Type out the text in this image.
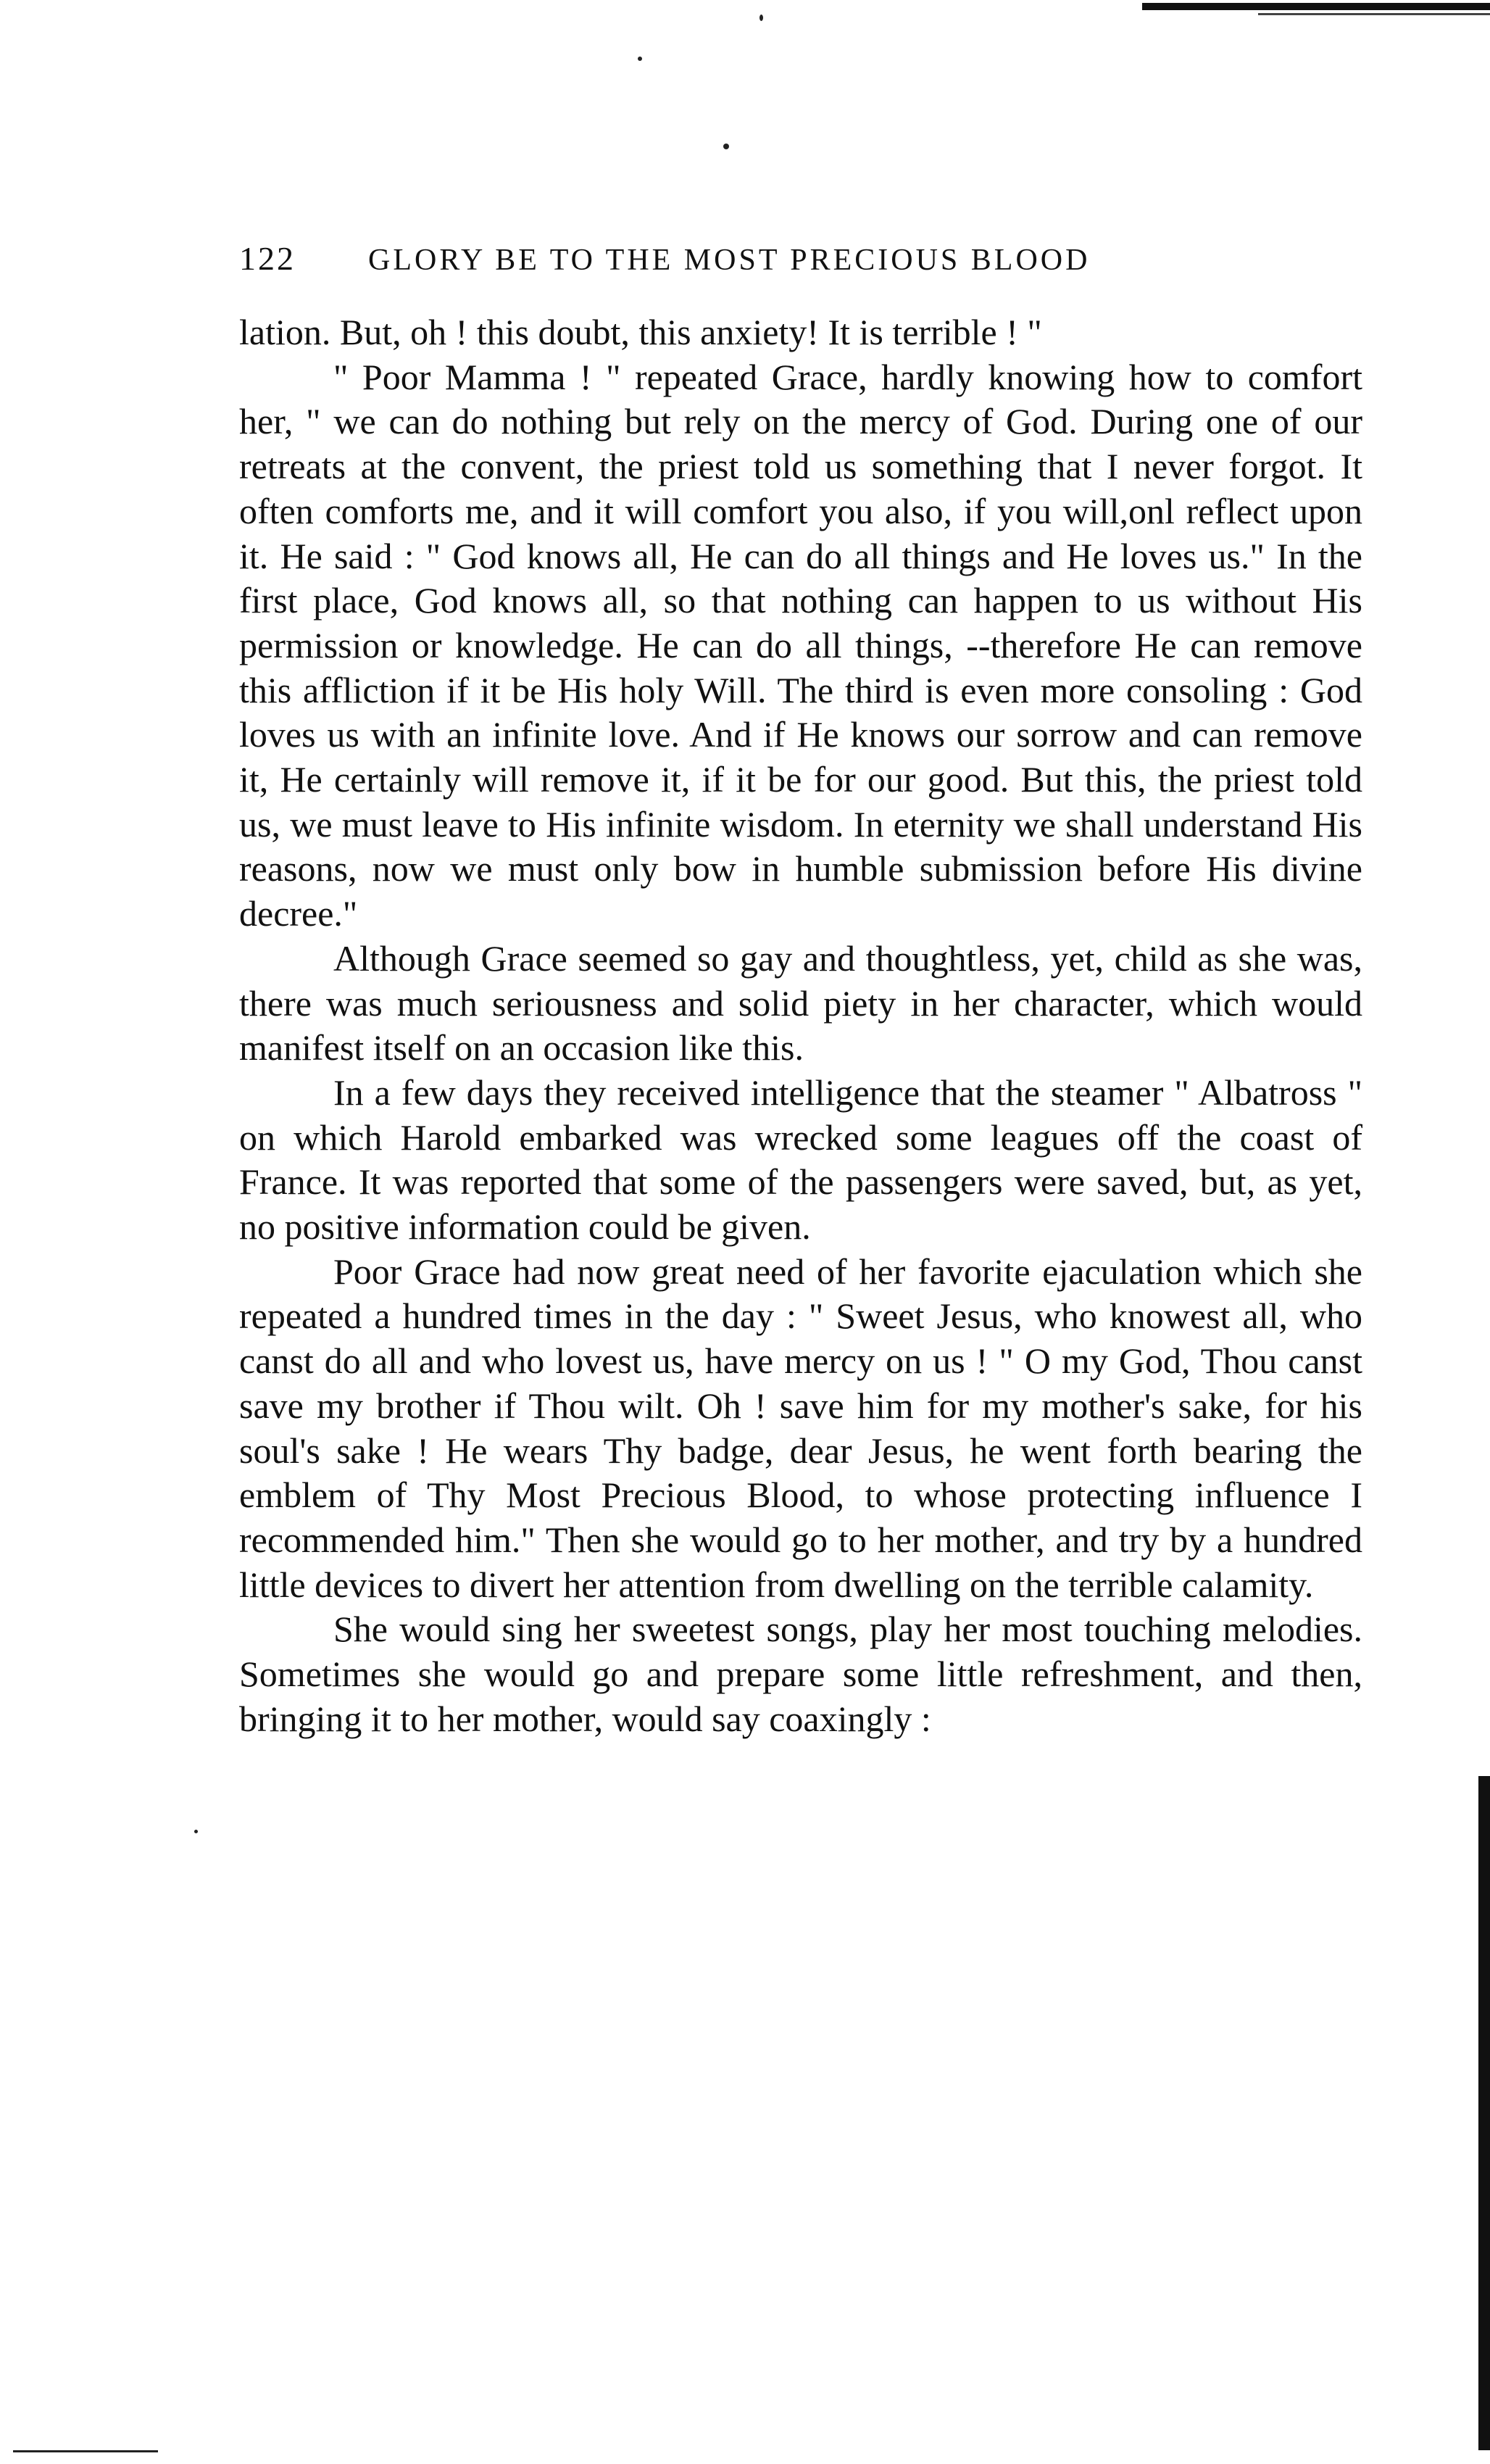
122 GLORY BE TO THE MOST PRECIOUS BLOOD

lation. But, oh ! this doubt, this anxiety! It is terrible ! "

" Poor Mamma ! " repeated Grace, hardly knowing how to comfort her, " we can do nothing but rely on the mercy of God. During one of our retreats at the convent, the priest told us something that I never forgot. It often comforts me, and it will comfort you also, if you will,onl reflect upon it. He said : " God knows all, He can do all things and He loves us." In the first place, God knows all, so that nothing can happen to us without His permission or knowledge. He can do all things, --therefore He can remove this affliction if it be His holy Will. The third is even more consoling : God loves us with an infinite love. And if He knows our sorrow and can remove it, He certainly will remove it, if it be for our good. But this, the priest told us, we must leave to His infinite wisdom. In eternity we shall understand His reasons, now we must only bow in humble submission before His divine decree."

Although Grace seemed so gay and thoughtless, yet, child as she was, there was much seriousness and solid piety in her character, which would manifest itself on an occasion like this.

In a few days they received intelligence that the steamer " Albatross " on which Harold embarked was wrecked some leagues off the coast of France. It was reported that some of the passengers were saved, but, as yet, no positive information could be given.

Poor Grace had now great need of her favorite ejaculation which she repeated a hundred times in the day : " Sweet Jesus, who knowest all, who canst do all and who lovest us, have mercy on us ! " O my God, Thou canst save my brother if Thou wilt. Oh ! save him for my mother's sake, for his soul's sake ! He wears Thy badge, dear Jesus, he went forth bearing the emblem of Thy Most Precious Blood, to whose protecting influence I recommended him." Then she would go to her mother, and try by a hundred little devices to divert her attention from dwelling on the terrible calamity.

She would sing her sweetest songs, play her most touching melodies. Sometimes she would go and prepare some little refreshment, and then, bringing it to her mother, would say coaxingly :
